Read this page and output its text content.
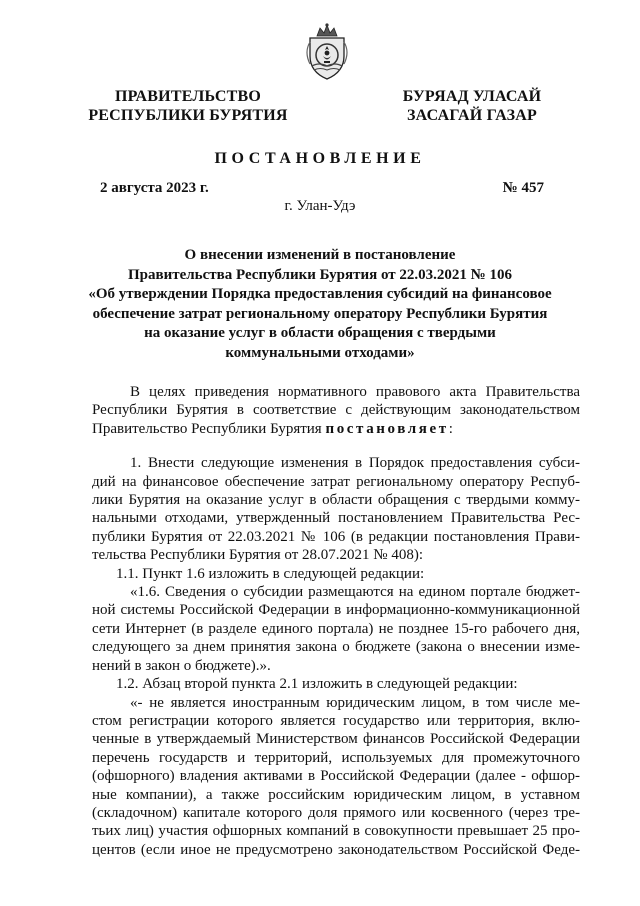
ПРАВИТЕЛЬСТВО
РЕСПУБЛИКИ БУРЯТИЯ
БУРЯАД УЛАСАЙ
ЗАСАГАЙ ГАЗАР
ПОСТАНОВЛЕНИЕ
2 августа 2023 г.	№ 457
г. Улан-Удэ
О внесении изменений в постановление
Правительства Республики Бурятия от 22.03.2021 № 106
«Об утверждении Порядка предоставления субсидий на финансовое
обеспечение затрат региональному оператору Республики Бурятия
на оказание услуг в области обращения с твердыми
коммунальными отходами»
В целях приведения нормативного правового акта Правительства
Республики Бурятия в соответствие с действующим законодательством
Правительство Республики Бурятия постановляет:
1. Внести следующие изменения в Порядок предоставления субси-
дий на финансовое обеспечение затрат региональному оператору Респуб-
лики Бурятия на оказание услуг в области обращения с твердыми комму-
нальными отходами, утвержденный постановлением Правительства Рес-
публики Бурятия от 22.03.2021 № 106 (в редакции постановления Прави-
тельства Республики Бурятия от 28.07.2021 № 408):
1.1. Пункт 1.6 изложить в следующей редакции:
«1.6. Сведения о субсидии размещаются на едином портале бюджет-
ной системы Российской Федерации в информационно-коммуникационной
сети Интернет (в разделе единого портала) не позднее 15-го рабочего дня,
следующего за днем принятия закона о бюджете (закона о внесении изме-
нений в закон о бюджете).».
1.2. Абзац второй пункта 2.1 изложить в следующей редакции:
«- не является иностранным юридическим лицом, в том числе ме-
стом регистрации которого является государство или территория, вклю-
ченные в утверждаемый Министерством финансов Российской Федерации
перечень государств и территорий, используемых для промежуточного
(офшорного) владения активами в Российской Федерации (далее - офшор-
ные компании), а также российским юридическим лицом, в уставном
(складочном) капитале которого доля прямого или косвенного (через тре-
тьих лиц) участия офшорных компаний в совокупности превышает 25 про-
центов (если иное не предусмотрено законодательством Российской Феде-
